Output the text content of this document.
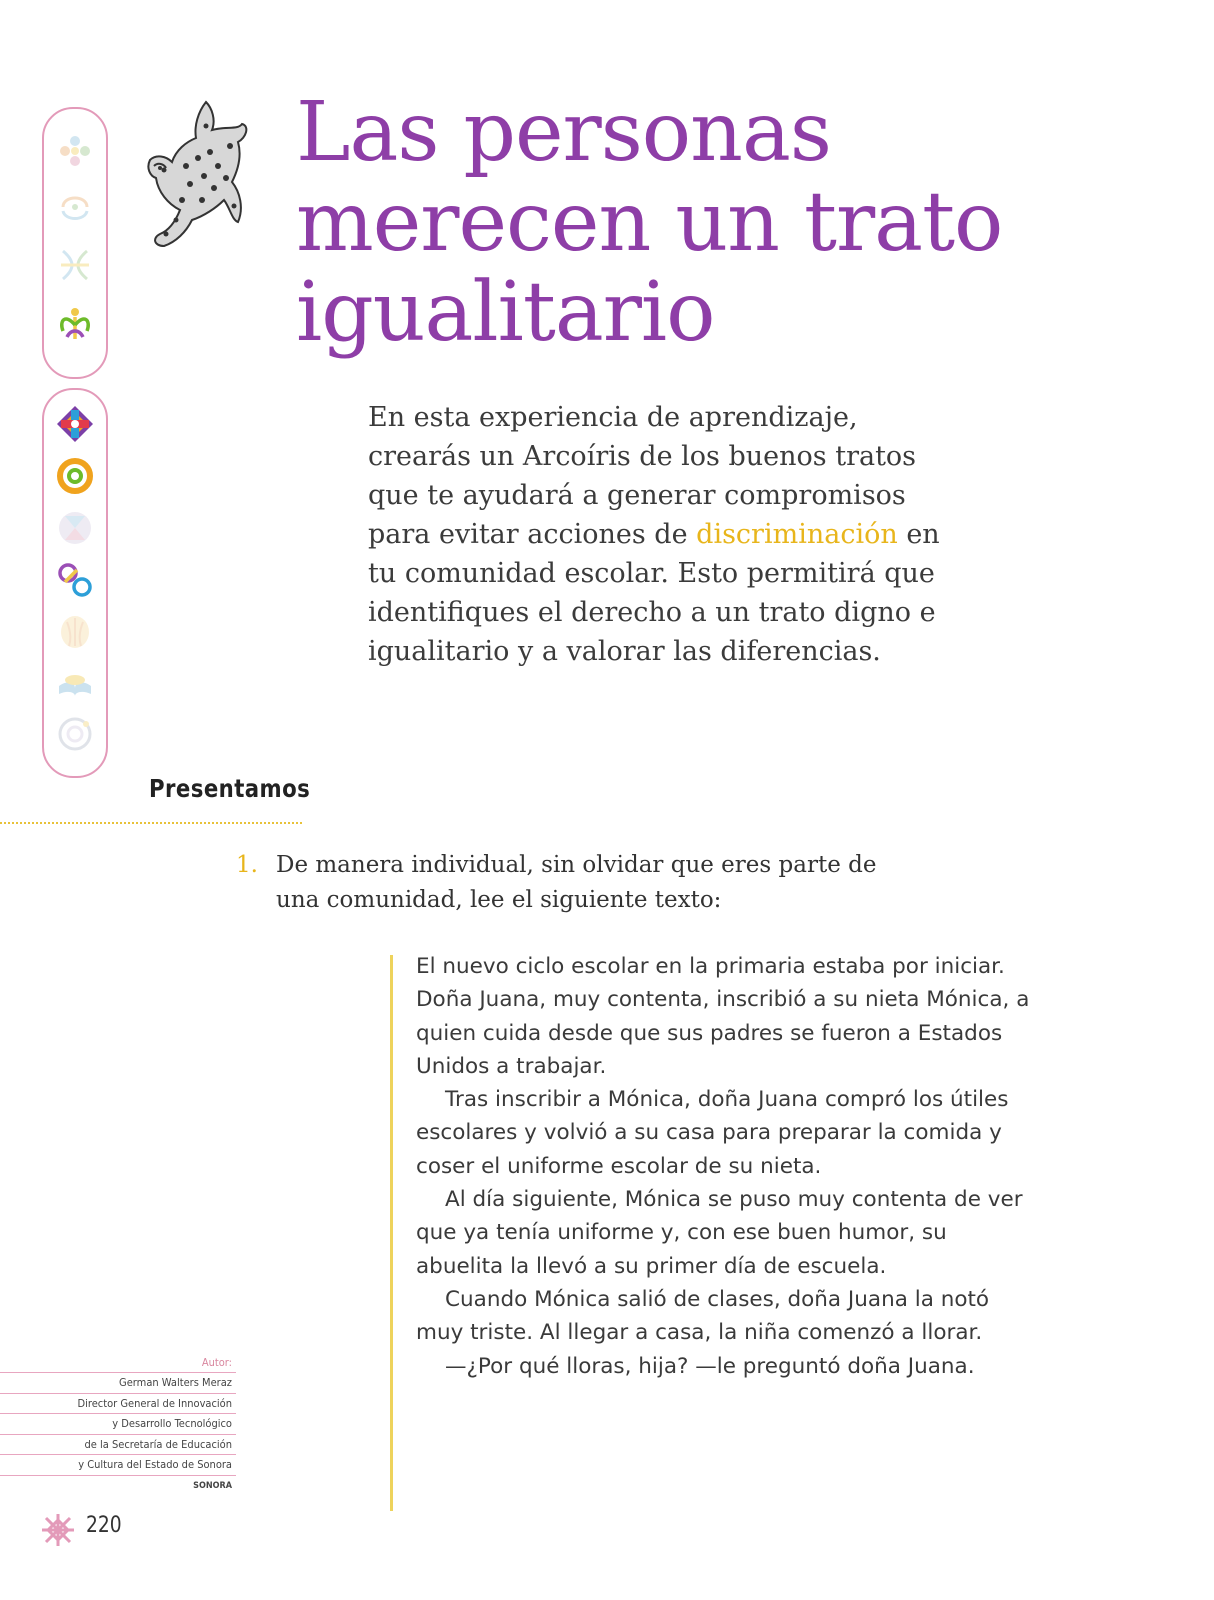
Las personas
merecen un trato
igualitario

En esta experiencia de aprendizaje, crearás un Arcoíris de los buenos tratos que te ayudará a generar compromisos para evitar acciones de discriminación en tu comunidad escolar. Esto permitirá que identifiques el derecho a un trato digno e igualitario y a valorar las diferencias.

Presentamos
1. De manera individual, sin olvidar que eres parte de una comunidad, lee el siguiente texto:

El nuevo ciclo escolar en la primaria estaba por iniciar. Doña Juana, muy contenta, inscribió a su nieta Mónica, a quien cuida desde que sus padres se fueron a Estados Unidos a trabajar.

Tras inscribir a Mónica, doña Juana compró los útiles escolares y volvió a su casa para preparar la comida y coser el uniforme escolar de su nieta.

Al día siguiente, Mónica se puso muy contenta de ver que ya tenía uniforme y, con ese buen humor, su abuelita la llevó a su primer día de escuela.

Cuando Mónica salió de clases, doña Juana la notó muy triste. Al llegar a casa, la niña comenzó a llorar.

—¿Por qué lloras, hija? —le preguntó doña Juana.

Autor:
German Walters Meraz
Director General de Innovación
y Desarrollo Tecnológico
de la Secretaría de Educación
y Cultura del Estado de Sonora
SONORA
220
